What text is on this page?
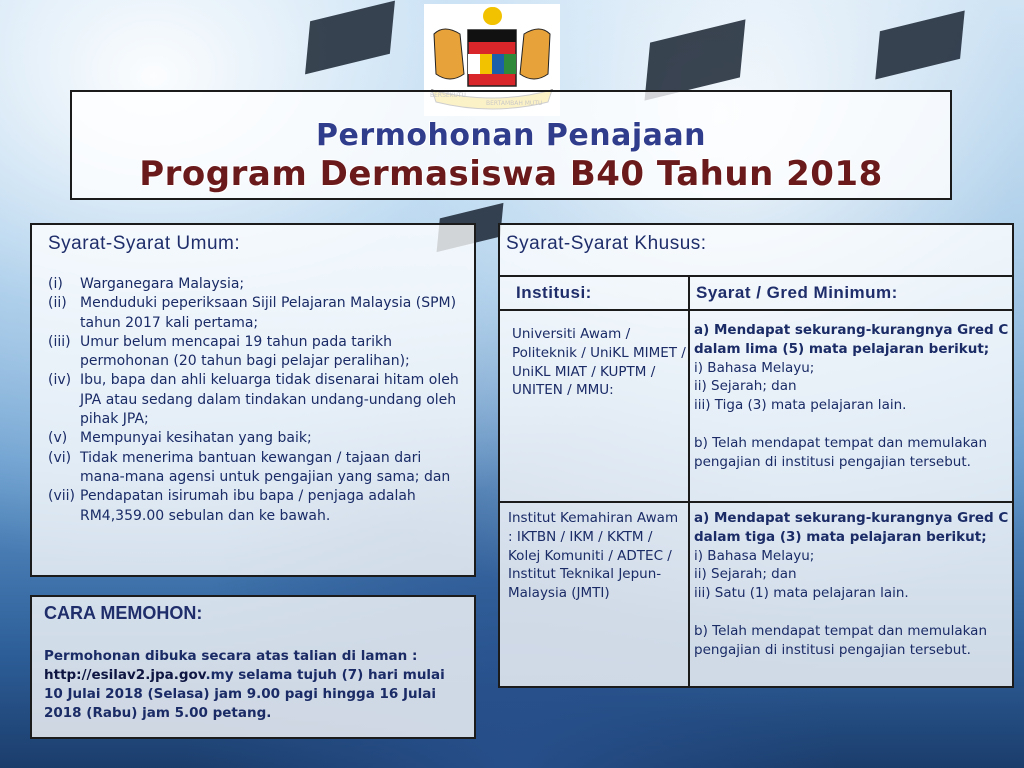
Permohonan Penajaan
Program Dermasiswa B40 Tahun 2018
Syarat-Syarat Umum:
(i)	Warganegara Malaysia;
(ii) Menduduki peperiksaan Sijil Pelajaran Malaysia (SPM) tahun 2017 kali pertama;
(iii) Umur belum mencapai 19 tahun pada tarikh permohonan (20 tahun bagi pelajar peralihan);
(iv) Ibu, bapa dan ahli keluarga tidak disenarai hitam oleh JPA atau sedang dalam tindakan undang-undang oleh pihak JPA;
(v) Mempunyai kesihatan yang baik;
(vi) Tidak menerima bantuan kewangan / tajaan dari mana-mana agensi untuk pengajian yang sama; dan
(vii) Pendapatan isirumah ibu bapa / penjaga adalah RM4,359.00 sebulan dan ke bawah.
CARA MEMOHON:
Permohonan dibuka secara atas talian di laman :
http://esilav2.jpa.gov.my selama tujuh (7) hari mulai 10 Julai 2018 (Selasa) jam 9.00 pagi hingga 16 Julai 2018 (Rabu) jam 5.00 petang.
Syarat-Syarat Khusus:
Institusi:	Syarat / Gred Minimum:
Universiti Awam / Politeknik / UniKL MIMET / UniKL MIAT / KUPTM / UNITEN / MMU:
a) Mendapat sekurang-kurangnya Gred C dalam lima (5) mata pelajaran berikut;
i) Bahasa Melayu;
ii) Sejarah; dan
iii) Tiga (3) mata pelajaran lain.
b) Telah mendapat tempat dan memulakan pengajian di institusi pengajian tersebut.
Institut Kemahiran Awam : IKTBN / IKM / KKTM / Kolej Komuniti / ADTEC / Institut Teknikal Jepun-Malaysia (JMTI)
a) Mendapat sekurang-kurangnya Gred C dalam tiga (3) mata pelajaran berikut;
i) Bahasa Melayu;
ii) Sejarah; dan
iii) Satu (1) mata pelajaran lain.
b) Telah mendapat tempat dan memulakan pengajian di institusi pengajian tersebut.
